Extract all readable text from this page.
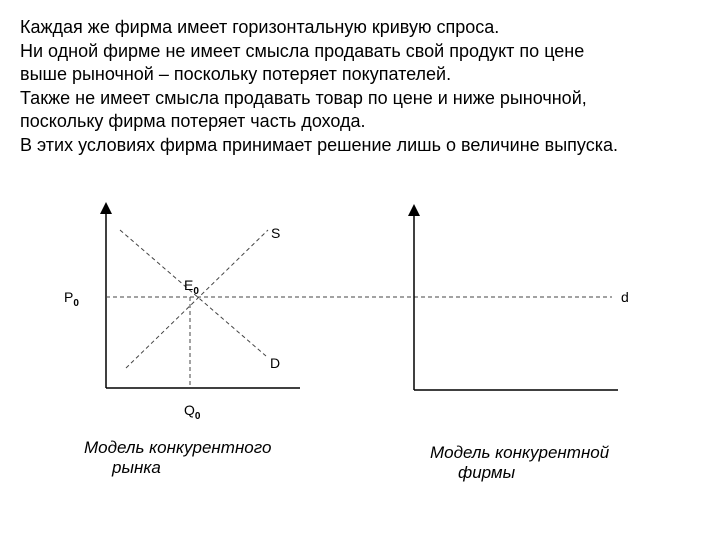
Каждая же фирма имеет горизонтальную кривую спроса.
Ни одной фирме не имеет смысла продавать свой продукт по цене
выше рыночной – поскольку потеряет покупателей.
Также не имеет смысла продавать товар по цене и ниже рыночной,
поскольку фирма потеряет часть дохода.
В этих условиях фирма принимает решение лишь о величине выпуска.
S
D
$E_0$
$P_0$
$Q_0$
d
Модель конкурентного
рынка
Модель конкурентной
фирмы
